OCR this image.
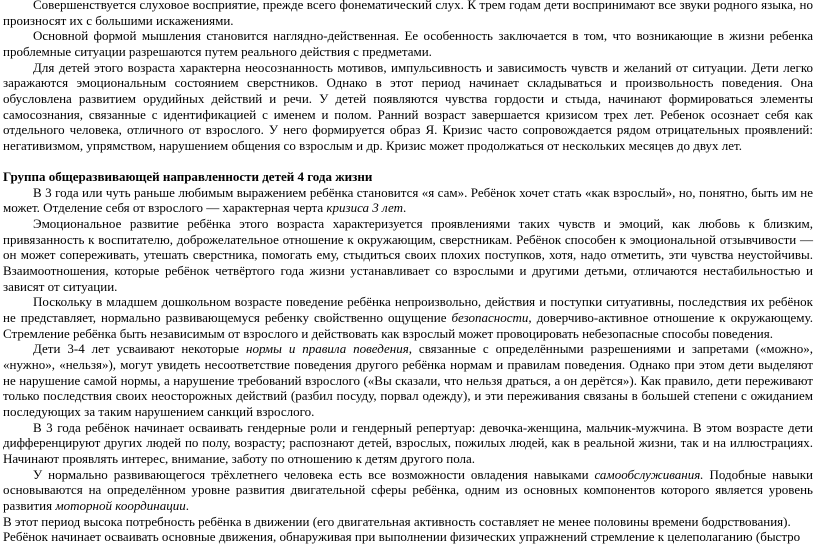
Совершенствуется слуховое восприятие, прежде всего фонематический слух. К трем годам дети воспринимают все звуки родного языка, но произносят их с большими искажениями.

Основной формой мышления становится наглядно-действенная. Ее особенность заключается в том, что возникающие в жизни ребенка проблемные ситуации разрешаются путем реального действия с предметами.

Для детей этого возраста характерна неосознанность мотивов, импульсивность и зависимость чувств и желаний от ситуации. Дети легко заражаются эмоциональным состоянием сверстников. Однако в этот период начинает складываться и произвольность поведения. Она обусловлена развитием орудийных действий и речи. У детей появляются чувства гордости и стыда, начинают формироваться элементы самосознания, связанные с идентификацией с именем и полом. Ранний возраст завершается кризисом трех лет. Ребенок осознает себя как отдельного человека, отличного от взрослого. У него формируется образ Я. Кризис часто сопровождается рядом отрицательных проявлений: негативизмом, упрямством, нарушением общения со взрослым и др. Кризис может продолжаться от нескольких месяцев до двух лет.

Группа общеразвивающей направленности детей 4 года жизни

В 3 года или чуть раньше любимым выражением ребёнка становится «я сам». Ребёнок хочет стать «как взрослый», но, понятно, быть им не может. Отделение себя от взрослого — характерная черта кризиса 3 лет.

Эмоциональное развитие ребёнка этого возраста характеризуется проявлениями таких чувств и эмоций, как любовь к близким, привязанность к воспитателю, доброжелательное отношение к окружающим, сверстникам. Ребёнок способен к эмоциональной отзывчивости — он может сопереживать, утешать сверстника, помогать ему, стыдиться своих плохих поступков, хотя, надо отметить, эти чувства неустойчивы. Взаимоотношения, которые ребёнок четвёртого года жизни устанавливает со взрослыми и другими детьми, отличаются нестабильностью и зависят от ситуации.

Поскольку в младшем дошкольном возрасте поведение ребёнка непроизвольно, действия и поступки ситуативны, последствия их ребёнок не представляет, нормально развивающемуся ребенку свойственно ощущение безопасности, доверчиво-активное отношение к окружающему. Стремление ребёнка быть независимым от взрослого и действовать как взрослый может провоцировать небезопасные способы поведения.

Дети 3-4 лет усваивают некоторые нормы и правила поведения, связанные с определёнными разрешениями и запретами («можно», «нужно», «нельзя»), могут увидеть несоответствие поведения другого ребёнка нормам и правилам поведения. Однако при этом дети выделяют не нарушение самой нормы, а нарушение требований взрослого («Вы сказали, что нельзя драться, а он дерётся»). Как правило, дети переживают только последствия своих неосторожных действий (разбил посуду, порвал одежду), и эти переживания связаны в большей степени с ожиданием последующих за таким нарушением санкций взрослого.

В 3 года ребёнок начинает осваивать гендерные роли и гендерный репертуар: девочка-женщина, мальчик-мужчина. В этом возрасте дети дифференцируют других людей по полу, возрасту; распознают детей, взрослых, пожилых людей, как в реальной жизни, так и на иллюстрациях. Начинают проявлять интерес, внимание, заботу по отношению к детям другого пола.

У нормально развивающегося трёхлетнего человека есть все возможности овладения навыками самообслуживания. Подобные навыки основываются на определённом уровне развития двигательной сферы ребёнка, одним из основных компонентов которого является уровень развития моторной координации.

В этот период высока потребность ребёнка в движении (его двигательная активность составляет не менее половины времени бодрствования).

Ребёнок начинает осваивать основные движения, обнаруживая при выполнении физических упражнений стремление к целеполаганию (быстро
